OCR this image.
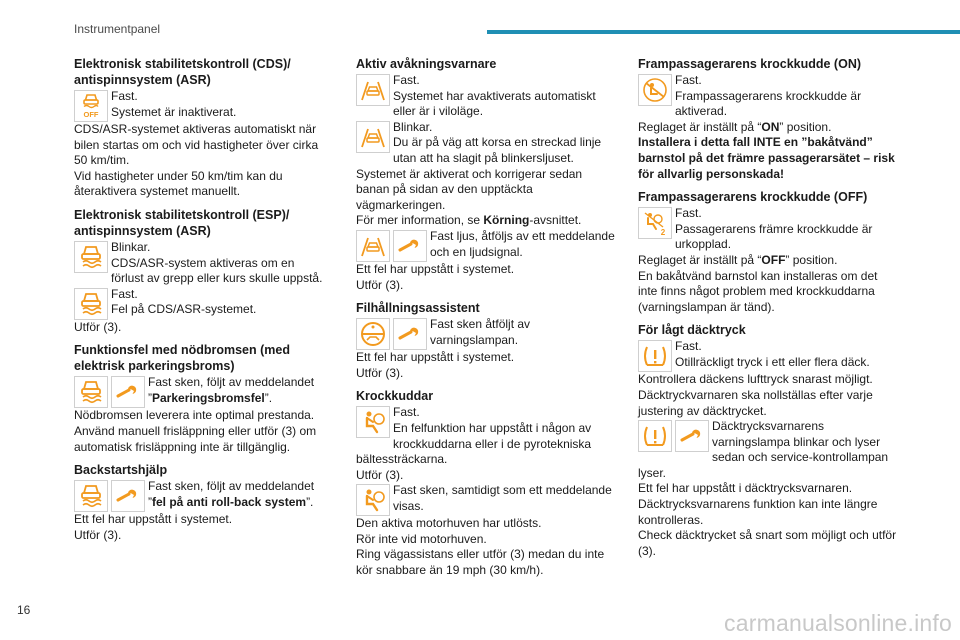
Instrumentpanel

Elektronisk stabilitetskontroll (CDS)/ antispinnsystem (ASR)

Fast.

Systemet är inaktiverat.

CDS/ASR-systemet aktiveras automatiskt när bilen startas om och vid hastigheter över cirka 50 km/tim.

Vid hastigheter under 50 km/tim kan du återaktivera systemet manuellt.

Elektronisk stabilitetskontroll (ESP)/ antispinnsystem (ASR)

Blinkar.

CDS/ASR-system aktiveras om en förlust av grepp eller kurs skulle uppstå.

Fast.

Fel på CDS/ASR-systemet.

Utför (3).

Funktionsfel med nödbromsen (med elektrisk parkeringsbroms)

Fast sken, följt av meddelandet ”Parkeringsbromsfel”.

Nödbromsen leverera inte optimal prestanda. Använd manuell frisläppning eller utför (3) om automatisk frisläppning inte är tillgänglig.

Backstartshjälp

Fast sken, följt av meddelandet ”fel på anti roll-back system”.

Ett fel har uppstått i systemet.

Utför (3).

Aktiv avåkningsvarnare

Fast.

Systemet har avaktiverats automatiskt eller är i viloläge.

Blinkar.

Du är på väg att korsa en streckad linje utan att ha slagit på blinkersljuset.

Systemet är aktiverat och korrigerar sedan banan på sidan av den upptäckta vägmarkeringen.

För mer information, se Körning-avsnittet.

Fast ljus, åtföljs av ett meddelande och en ljudsignal.

Ett fel har uppstått i systemet.

Utför (3).

Filhållningsassistent

Fast sken åtföljt av varningslampan.

Ett fel har uppstått i systemet.

Utför (3).

Krockkuddar

Fast.

En felfunktion har uppstått i någon av krockkuddarna eller i de pyrotekniska bältessträckarna.

Utför (3).

Fast sken, samtidigt som ett meddelande visas.

Den aktiva motorhuven har utlösts.

Rör inte vid motorhuven.

Ring vägassistans eller utför (3) medan du inte kör snabbare än 19 mph (30 km/h).

Frampassagerarens krockkudde (ON)

Fast.

Frampassagerarens krockkudde är aktiverad.

Reglaget är inställt på “ON” position.

Installera i detta fall INTE en ”bakåtvänd” barnstol på det främre passagerarsätet – risk för allvarlig personskada!

Frampassagerarens krockkudde (OFF)

Fast.

Passagerarens främre krockkudde är urkopplad.

Reglaget är inställt på “OFF” position.

En bakåtvänd barnstol kan installeras om det inte finns något problem med krockkuddarna (varningslampan är tänd).

För lågt däcktryck

Fast.

Otillräckligt tryck i ett eller flera däck.

Kontrollera däckens lufttryck snarast möjligt.

Däcktryckvarnaren ska nollställas efter varje justering av däcktrycket.

Däcktrycksvarnarens varningslampa blinkar och lyser sedan och service-kontrollampan lyser.

Ett fel har uppstått i däcktrycksvarnaren.

Däcktrycksvarnarens funktion kan inte längre kontrolleras.

Check däcktrycket så snart som möjligt och utför (3).

16	carmanualsonline.info
